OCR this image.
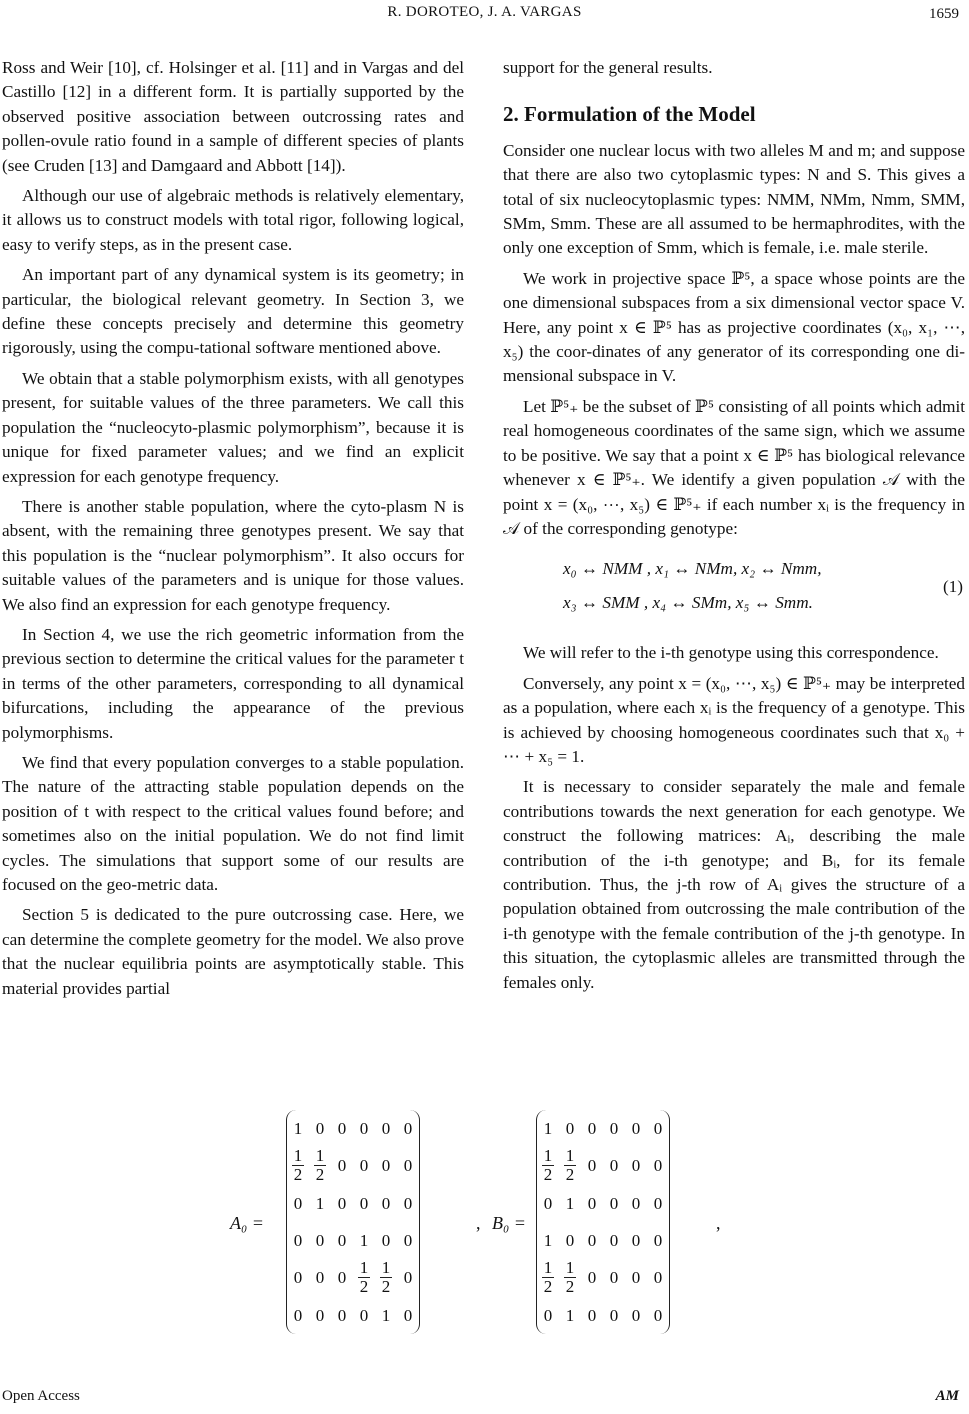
R. DOROTEO, J. A. VARGAS	1659

Ross and Weir [10], cf. Holsinger et al. [11] and in Vargas and del Castillo [12] in a different form. It is partially supported by the observed positive association between outcrossing rates and pollen-ovule ratio found in a sample of different species of plants (see Cruden [13] and Damgaard and Abbott [14]).

Although our use of algebraic methods is relatively elementary, it allows us to construct models with total rigor, following logical, easy to verify steps, as in the present case.

An important part of any dynamical system is its geometry; in particular, the biological relevant geometry. In Section 3, we define these concepts precisely and determine this geometry rigorously, using the compu-tational software mentioned above.

We obtain that a stable polymorphism exists, with all genotypes present, for suitable values of the three parameters. We call this population the “nucleocyto-plasmic polymorphism”, because it is unique for fixed parameter values; and we find an explicit expression for each genotype frequency.

There is another stable population, where the cyto-plasm N is absent, with the remaining three genotypes present. We say that this population is the “nuclear polymorphism”. It also occurs for suitable values of the parameters and is unique for those values. We also find an expression for each genotype frequency.

In Section 4, we use the rich geometric information from the previous section to determine the critical values for the parameter t in terms of the other parameters, corresponding to all dynamical bifurcations, including the appearance of the previous polymorphisms.

We find that every population converges to a stable population. The nature of the attracting stable population depends on the position of t with respect to the critical values found before; and sometimes also on the initial population. We do not find limit cycles. The simulations that support some of our results are focused on the geo-metric data.

Section 5 is dedicated to the pure outcrossing case. Here, we can determine the complete geometry for the model. We also prove that the nuclear equilibria points are asymptotically stable. This material provides partial

support for the general results.

2. Formulation of the Model

Consider one nuclear locus with two alleles M and m; and suppose that there are also two cytoplasmic types: N and S. This gives a total of six nucleocytoplasmic types: NMM, NMm, Nmm, SMM, SMm, Smm. These are all assumed to be hermaphrodites, with the only one exception of Smm, which is female, i.e. male sterile.

We work in projective space ℙ⁵, a space whose points are the one dimensional subspaces from a six dimensional vector space V. Here, any point x ∈ ℙ⁵ has as projective coordinates (x₀, x₁, ⋯, x₅) the coor-dinates of any generator of its corresponding one di-mensional subspace in V.

Let ℙ⁵₊ be the subset of ℙ⁵ consisting of all points which admit real homogeneous coordinates of the same sign, which we assume to be positive. We say that a point x ∈ ℙ⁵ has biological relevance whenever x ∈ ℙ⁵₊. We identify a given population 𝒜 with the point x = (x₀, ⋯, x₅) ∈ ℙ⁵₊ if each number xᵢ is the frequency in 𝒜 of the corresponding genotype:

x₀ ↔ NMM , x₁ ↔ NMm, x₂ ↔ Nmm,
x₃ ↔ SMM , x₄ ↔ SMm, x₅ ↔ Smm.
(1)

We will refer to the i-th genotype using this correspondence.

Conversely, any point x = (x₀, ⋯, x₅) ∈ ℙ⁵₊ may be interpreted as a population, where each xᵢ is the frequency of a genotype. This is achieved by choosing homogeneous coordinates such that x₀ + ⋯ + x₅ = 1.

It is necessary to consider separately the male and female contributions towards the next generation for each genotype. We construct the following matrices: Aᵢ, describing the male contribution of the i-th genotype; and Bᵢ, for its female contribution. Thus, the j-th row of Aᵢ gives the structure of a population obtained from outcrossing the male contribution of the i-th genotype with the female contribution of the j-th genotype. In this situation, the cytoplasmic alleles are transmitted through the females only.

A₀ =
1	0	0	0	0	0

$\frac{1}{2}$	$\frac{1}{2}$	0	0	0	0
0	1	0	0	0	0
0	0	0	1	0	0
0	0	0	$\frac{1}{2}$	$\frac{1}{2}$	0
0	0	0	0	1	0
, B₀ =
1	0	0	0	0	0

$\frac{1}{2}$	$\frac{1}{2}$	0	0	0	0
0	1	0	0	0	0
1	0	0	0	0	0

$\frac{1}{2}$	$\frac{1}{2}$	0	0	0	0
0	1	0	0	0	0
,
Open Access	AM
